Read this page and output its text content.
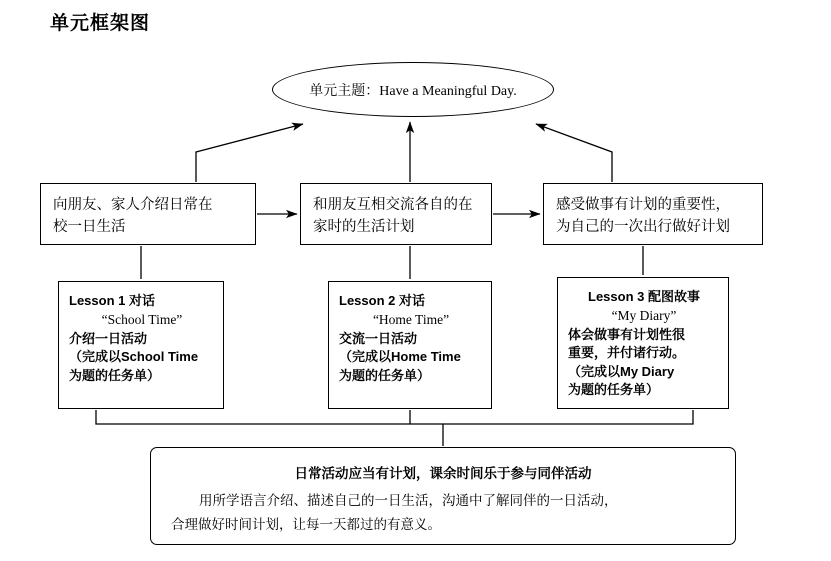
单元框架图
单元主题：Have a Meaningful Day.
向朋友、家人介绍日常在
校一日生活
和朋友互相交流各自的在
家时的生活计划
感受做事有计划的重要性，
为自己的一次出行做好计划
Lesson 1 对话
“School Time”
介绍一日活动
（完成以School Time
为题的任务单）
Lesson 2 对话
“Home Time”
交流一日活动
（完成以Home Time
为题的任务单）
Lesson 3 配图故事
“My Diary”
体会做事有计划性很
重要，并付诸行动。
（完成以My Diary
为题的任务单）
日常活动应当有计划，课余时间乐于参与同伴活动
用所学语言介绍、描述自己的一日生活，沟通中了解同伴的一日活动，
合理做好时间计划，让每一天都过的有意义。
